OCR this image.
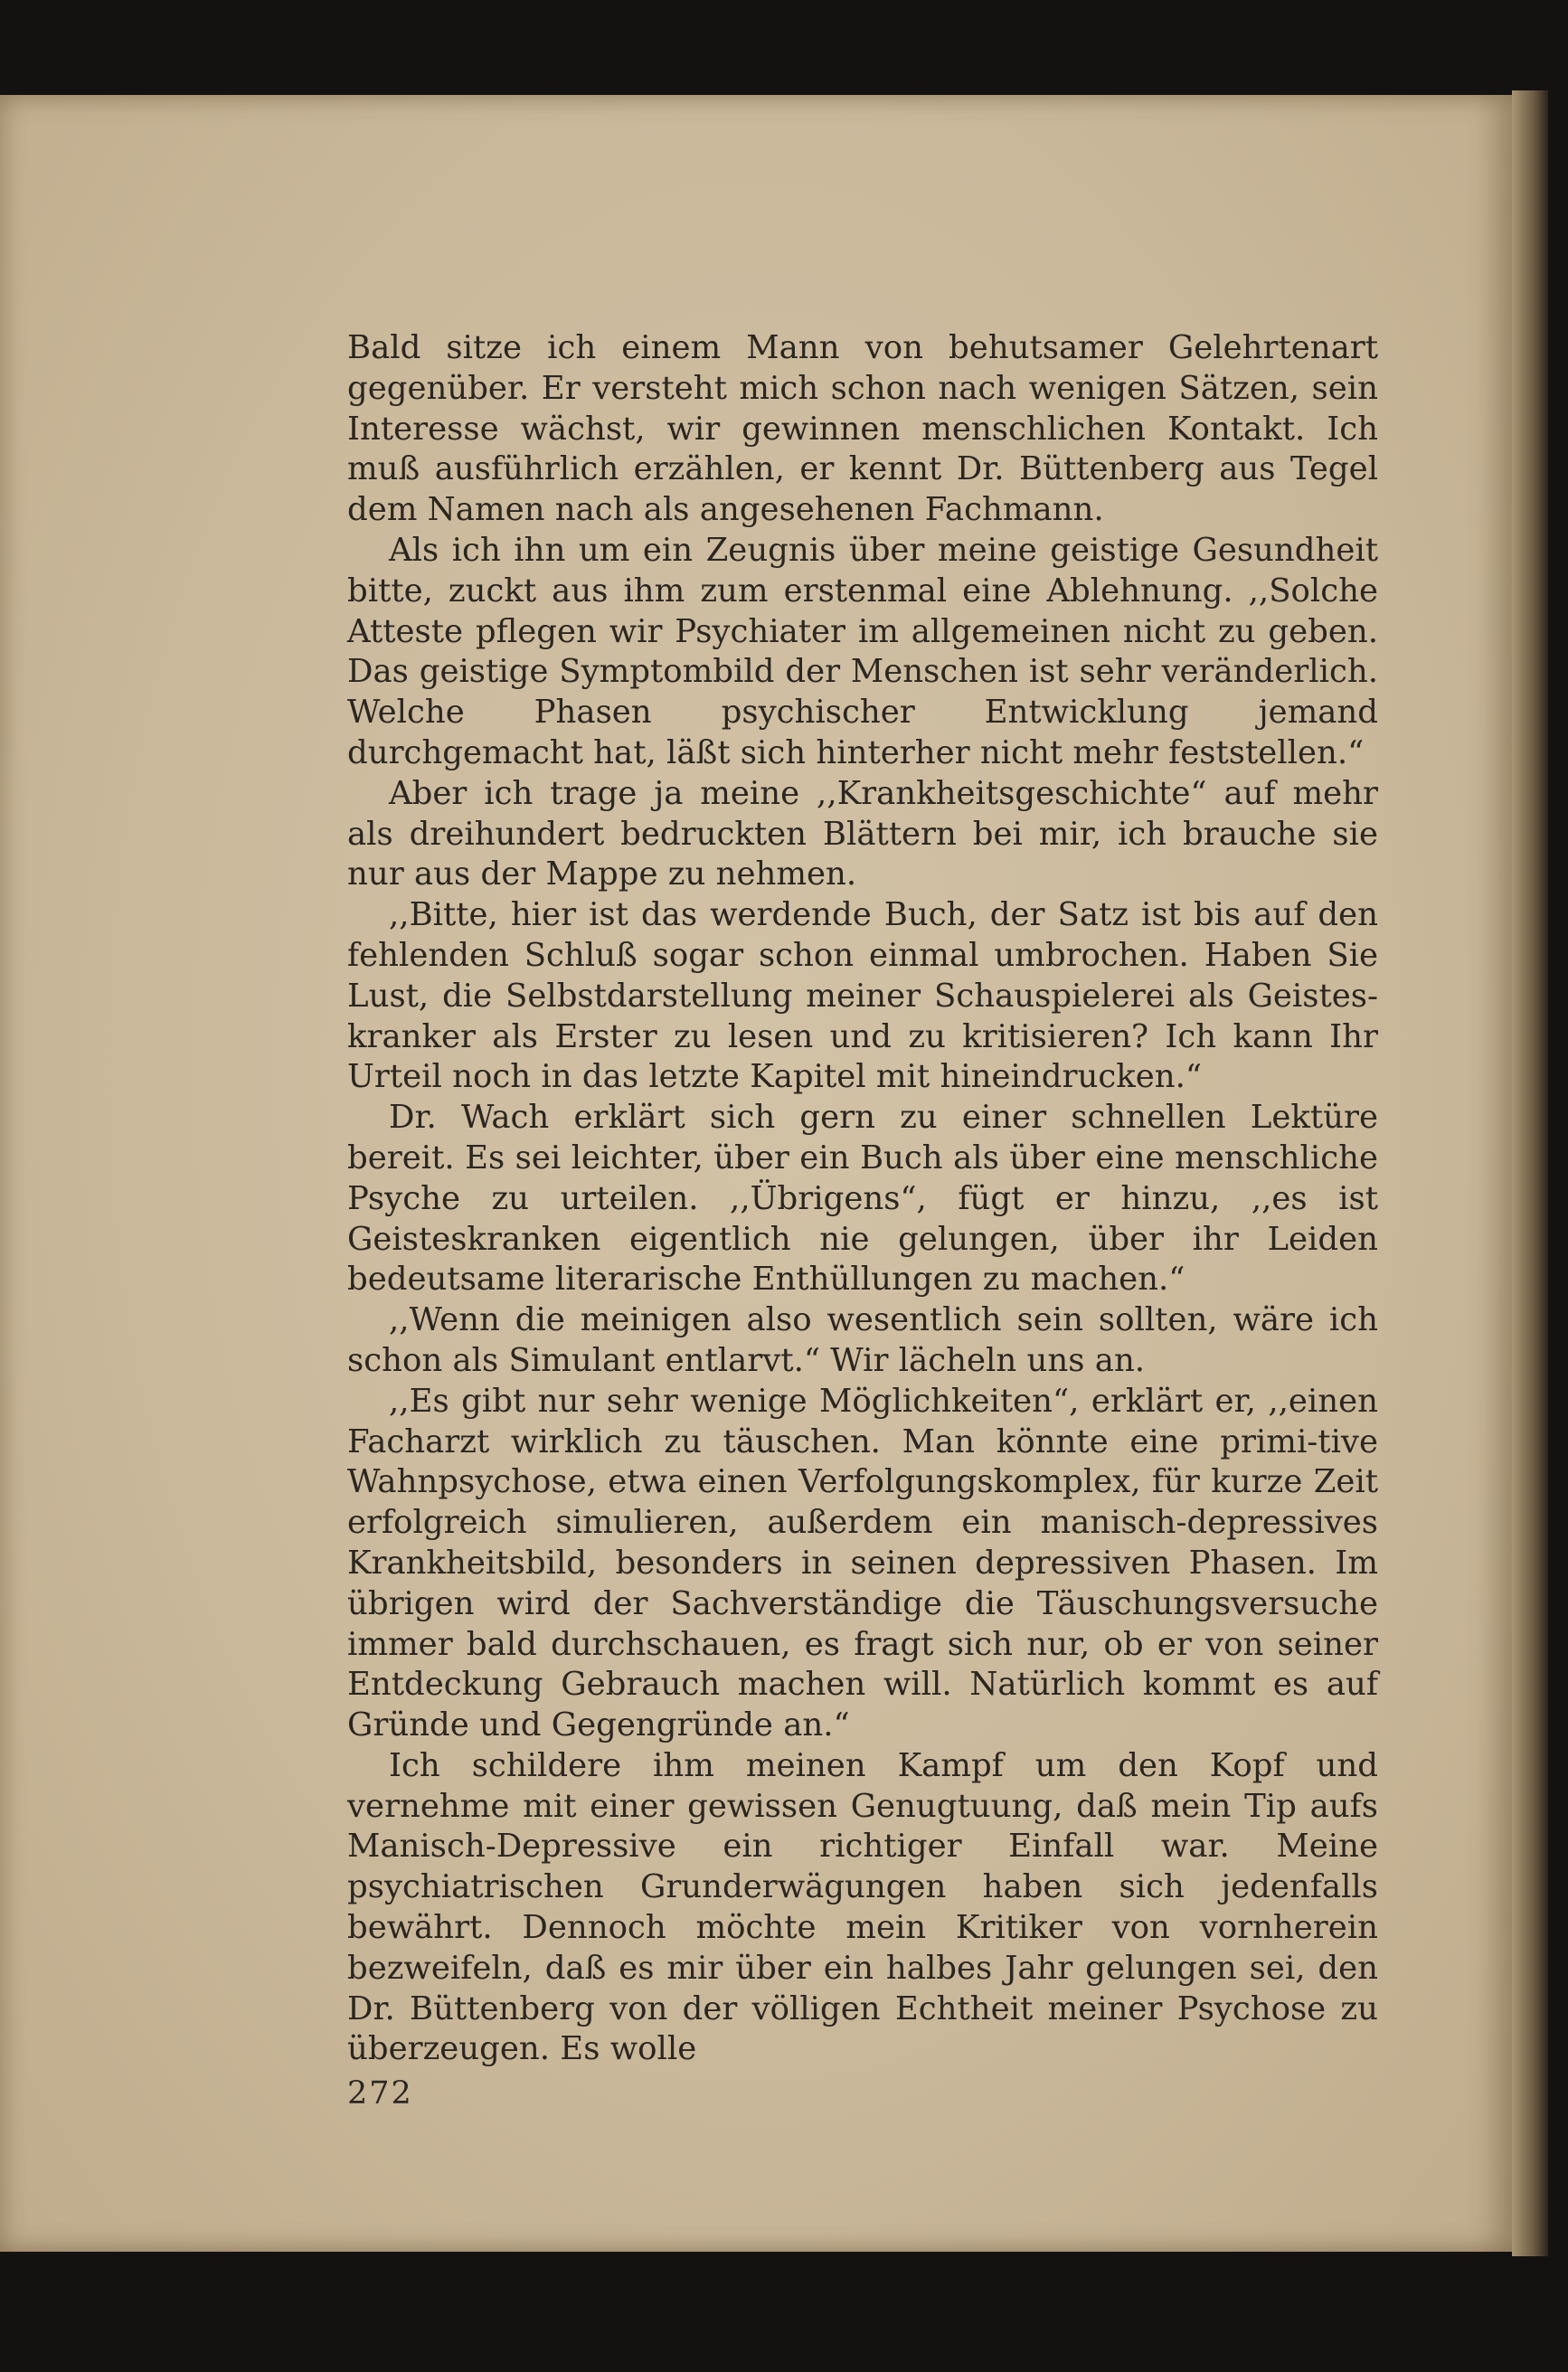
Bald sitze ich einem Mann von behutsamer Gelehrtenart gegenüber. Er versteht mich schon nach wenigen Sätzen, sein Interesse wächst, wir gewinnen menschlichen Kontakt. Ich muß ausführlich erzählen, er kennt Dr. Büttenberg aus Tegel dem Namen nach als angesehenen Fachmann.

Als ich ihn um ein Zeugnis über meine geistige Gesundheit bitte, zuckt aus ihm zum erstenmal eine Ablehnung. ,,Solche Atteste pflegen wir Psychiater im allgemeinen nicht zu geben. Das geistige Symptombild der Menschen ist sehr veränderlich. Welche Phasen psychischer Entwicklung jemand durchgemacht hat, läßt sich hinterher nicht mehr feststellen.“

Aber ich trage ja meine ,,Krankheitsgeschichte“ auf mehr als dreihundert bedruckten Blättern bei mir, ich brauche sie nur aus der Mappe zu nehmen.

,,Bitte, hier ist das werdende Buch, der Satz ist bis auf den fehlenden Schluß sogar schon einmal umbrochen. Haben Sie Lust, die Selbstdarstellung meiner Schauspielerei als Geistes-kranker als Erster zu lesen und zu kritisieren? Ich kann Ihr Urteil noch in das letzte Kapitel mit hineindrucken.“

Dr. Wach erklärt sich gern zu einer schnellen Lektüre bereit. Es sei leichter, über ein Buch als über eine menschliche Psyche zu urteilen. ,,Übrigens“, fügt er hinzu, ,,es ist Geisteskranken eigentlich nie gelungen, über ihr Leiden bedeutsame literarische Enthüllungen zu machen.“

,,Wenn die meinigen also wesentlich sein sollten, wäre ich schon als Simulant entlarvt.“ Wir lächeln uns an.

,,Es gibt nur sehr wenige Möglichkeiten“, erklärt er, ,,einen Facharzt wirklich zu täuschen. Man könnte eine primi-tive Wahnpsychose, etwa einen Verfolgungskomplex, für kurze Zeit erfolgreich simulieren, außerdem ein manisch-depressives Krankheitsbild, besonders in seinen depressiven Phasen. Im übrigen wird der Sachverständige die Täuschungsversuche immer bald durchschauen, es fragt sich nur, ob er von seiner Entdeckung Gebrauch machen will. Natürlich kommt es auf Gründe und Gegengründe an.“

Ich schildere ihm meinen Kampf um den Kopf und vernehme mit einer gewissen Genugtuung, daß mein Tip aufs Manisch-Depressive ein richtiger Einfall war. Meine psychiatrischen Grunderwägungen haben sich jedenfalls bewährt. Dennoch möchte mein Kritiker von vornherein bezweifeln, daß es mir über ein halbes Jahr gelungen sei, den Dr. Büttenberg von der völligen Echtheit meiner Psychose zu überzeugen. Es wolle

272
